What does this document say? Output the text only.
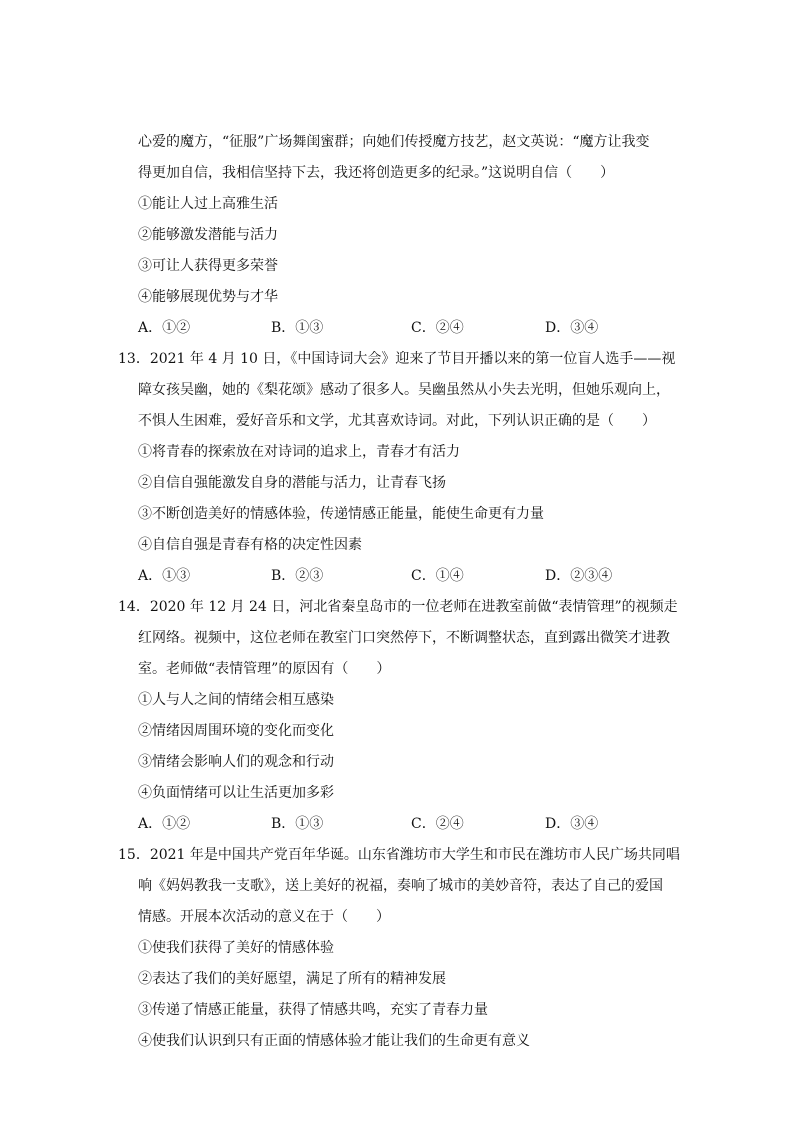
心爱的魔方，“征服”广场舞闺蜜群；向她们传授魔方技艺，赵文英说：“魔方让我变
得更加自信，我相信坚持下去，我还将创造更多的纪录。”这说明自信（　　）
①能让人过上高雅生活
②能够激发潜能与活力
③可让人获得更多荣誉
④能够展现优势与才华
A．①②	B．①③	C．②④	D．③④
13．2021 年 4 月 10 日，《中国诗词大会》迎来了节目开播以来的第一位盲人选手——视
障女孩吴幽，她的《梨花颂》感动了很多人。吴幽虽然从小失去光明，但她乐观向上，
不惧人生困难，爱好音乐和文学，尤其喜欢诗词。对此，下列认识正确的是（　　）
①将青春的探索放在对诗词的追求上，青春才有活力
②自信自强能激发自身的潜能与活力，让青春飞扬
③不断创造美好的情感体验，传递情感正能量，能使生命更有力量
④自信自强是青春有格的决定性因素
A．①③	B．②③	C．①④	D．②③④
14．2020 年 12 月 24 日，河北省秦皇岛市的一位老师在进教室前做“表情管理”的视频走
红网络。视频中，这位老师在教室门口突然停下，不断调整状态，直到露出微笑才进教
室。老师做“表情管理”的原因有（　　）
①人与人之间的情绪会相互感染
②情绪因周围环境的变化而变化
③情绪会影响人们的观念和行动
④负面情绪可以让生活更加多彩
A．①②	B．①③	C．②④	D．③④
15．2021 年是中国共产党百年华诞。山东省潍坊市大学生和市民在潍坊市人民广场共同唱
响《妈妈教我一支歌》，送上美好的祝福，奏响了城市的美妙音符，表达了自己的爱国
情感。开展本次活动的意义在于（　　）
①使我们获得了美好的情感体验
②表达了我们的美好愿望，满足了所有的精神发展
③传递了情感正能量，获得了情感共鸣，充实了青春力量
④使我们认识到只有正面的情感体验才能让我们的生命更有意义
